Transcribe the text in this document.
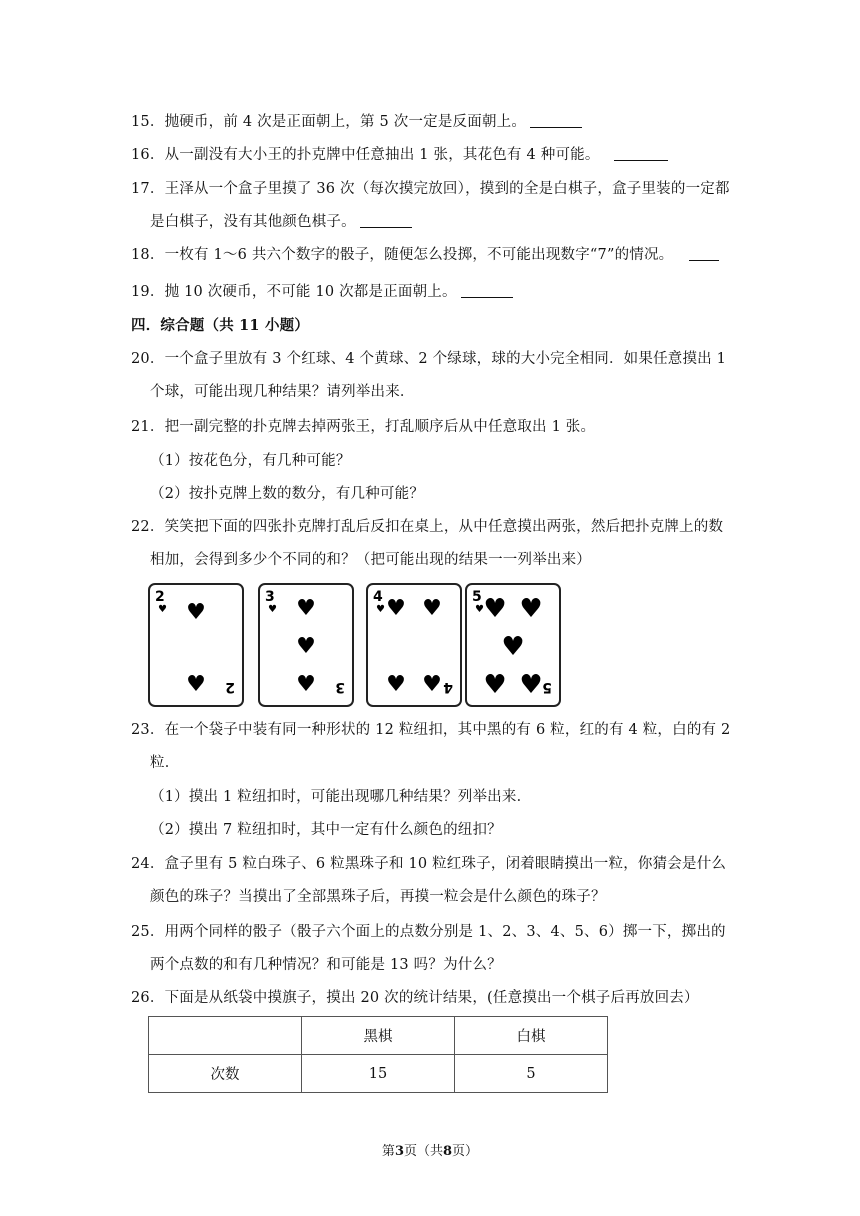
15．抛硬币，前 4 次是正面朝上，第 5 次一定是反面朝上。
16．从一副没有大小王的扑克牌中任意抽出 1 张，其花色有 4 种可能。
17．王泽从一个盒子里摸了 36 次（每次摸完放回），摸到的全是白棋子，盒子里装的一定都
是白棋子，没有其他颜色棋子。
18．一枚有 1～6 共六个数字的骰子，随便怎么投掷，不可能出现数字“7”的情况。
19．抛 10 次硬币，不可能 10 次都是正面朝上。
四．综合题（共 11 小题）
20．一个盒子里放有 3 个红球、4 个黄球、2 个绿球，球的大小完全相同．如果任意摸出 1
个球，可能出现几种结果？请列举出来．
21．把一副完整的扑克牌去掉两张王，打乱顺序后从中任意取出 1 张。
（1）按花色分，有几种可能？
（2）按扑克牌上数的数分，有几种可能？
22．笑笑把下面的四张扑克牌打乱后反扣在桌上，从中任意摸出两张，然后把扑克牌上的数
相加，会得到多少个不同的和？（把可能出现的结果一一列举出来）
2
♥ ♥
♥ 2
3
♥ ♥
♥
♥ 3
4
♥ ♥ ♥
♥ ♥ 4
5
♥ ♥ ♥
♥
♥ ♥ 5
23．在一个袋子中装有同一种形状的 12 粒纽扣，其中黑的有 6 粒，红的有 4 粒，白的有 2
粒．
（1）摸出 1 粒纽扣时，可能出现哪几种结果？列举出来．
（2）摸出 7 粒纽扣时，其中一定有什么颜色的纽扣？
24．盒子里有 5 粒白珠子、6 粒黑珠子和 10 粒红珠子，闭着眼睛摸出一粒，你猜会是什么
颜色的珠子？当摸出了全部黑珠子后，再摸一粒会是什么颜色的珠子？
25．用两个同样的骰子（骰子六个面上的点数分别是 1、2、3、4、5、6）掷一下，掷出的
两个点数的和有几种情况？和可能是 13 吗？为什么？
26．下面是从纸袋中摸旗子，摸出 20 次的统计结果，(任意摸出一个棋子后再放回去）
	黑棋	白棋
次数	15	5
第3页（共8页）
